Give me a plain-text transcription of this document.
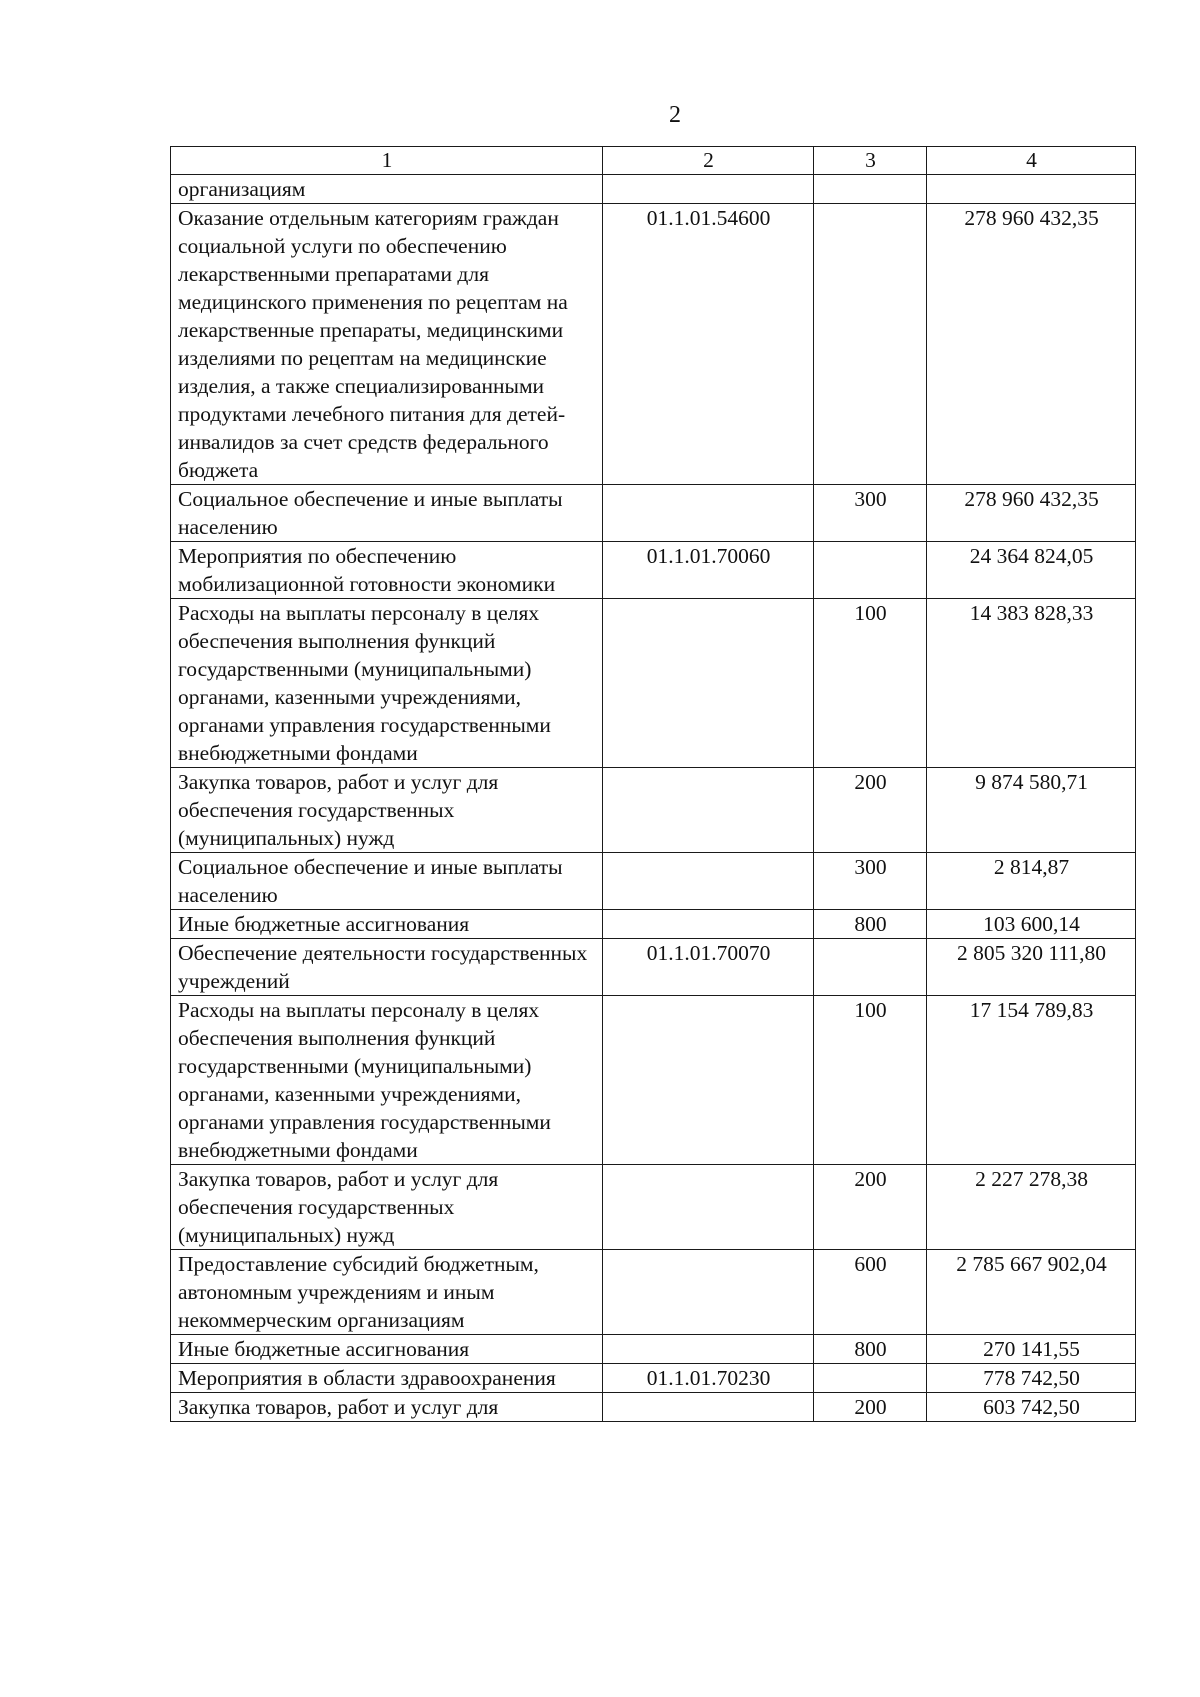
2
1	2	3	4
организациям			
Оказание отдельным категориям граждан социальной услуги по обеспечению лекарственными препаратами для медицинского применения по рецептам на лекарственные препараты, медицинскими изделиями по рецептам на медицинские изделия, а также специализированными продуктами лечебного питания для детей-инвалидов за счет средств федерального бюджета	01.1.01.54600		278 960 432,35
Социальное обеспечение и иные выплаты населению		300	278 960 432,35
Мероприятия по обеспечению мобилизационной готовности экономики	01.1.01.70060		24 364 824,05
Расходы на выплаты персоналу в целях обеспечения выполнения функций государственными (муниципальными) органами, казенными учреждениями, органами управления государственными внебюджетными фондами		100	14 383 828,33
Закупка товаров, работ и услуг для обеспечения государственных (муниципальных) нужд		200	9 874 580,71
Социальное обеспечение и иные выплаты населению		300	2 814,87
Иные бюджетные ассигнования		800	103 600,14
Обеспечение деятельности государственных учреждений	01.1.01.70070		2 805 320 111,80
Расходы на выплаты персоналу в целях обеспечения выполнения функций государственными (муниципальными) органами, казенными учреждениями, органами управления государственными внебюджетными фондами		100	17 154 789,83
Закупка товаров, работ и услуг для обеспечения государственных (муниципальных) нужд		200	2 227 278,38
Предоставление субсидий бюджетным, автономным учреждениям и иным некоммерческим организациям		600	2 785 667 902,04
Иные бюджетные ассигнования		800	270 141,55
Мероприятия в области здравоохранения	01.1.01.70230		778 742,50
Закупка товаров, работ и услуг для		200	603 742,50
